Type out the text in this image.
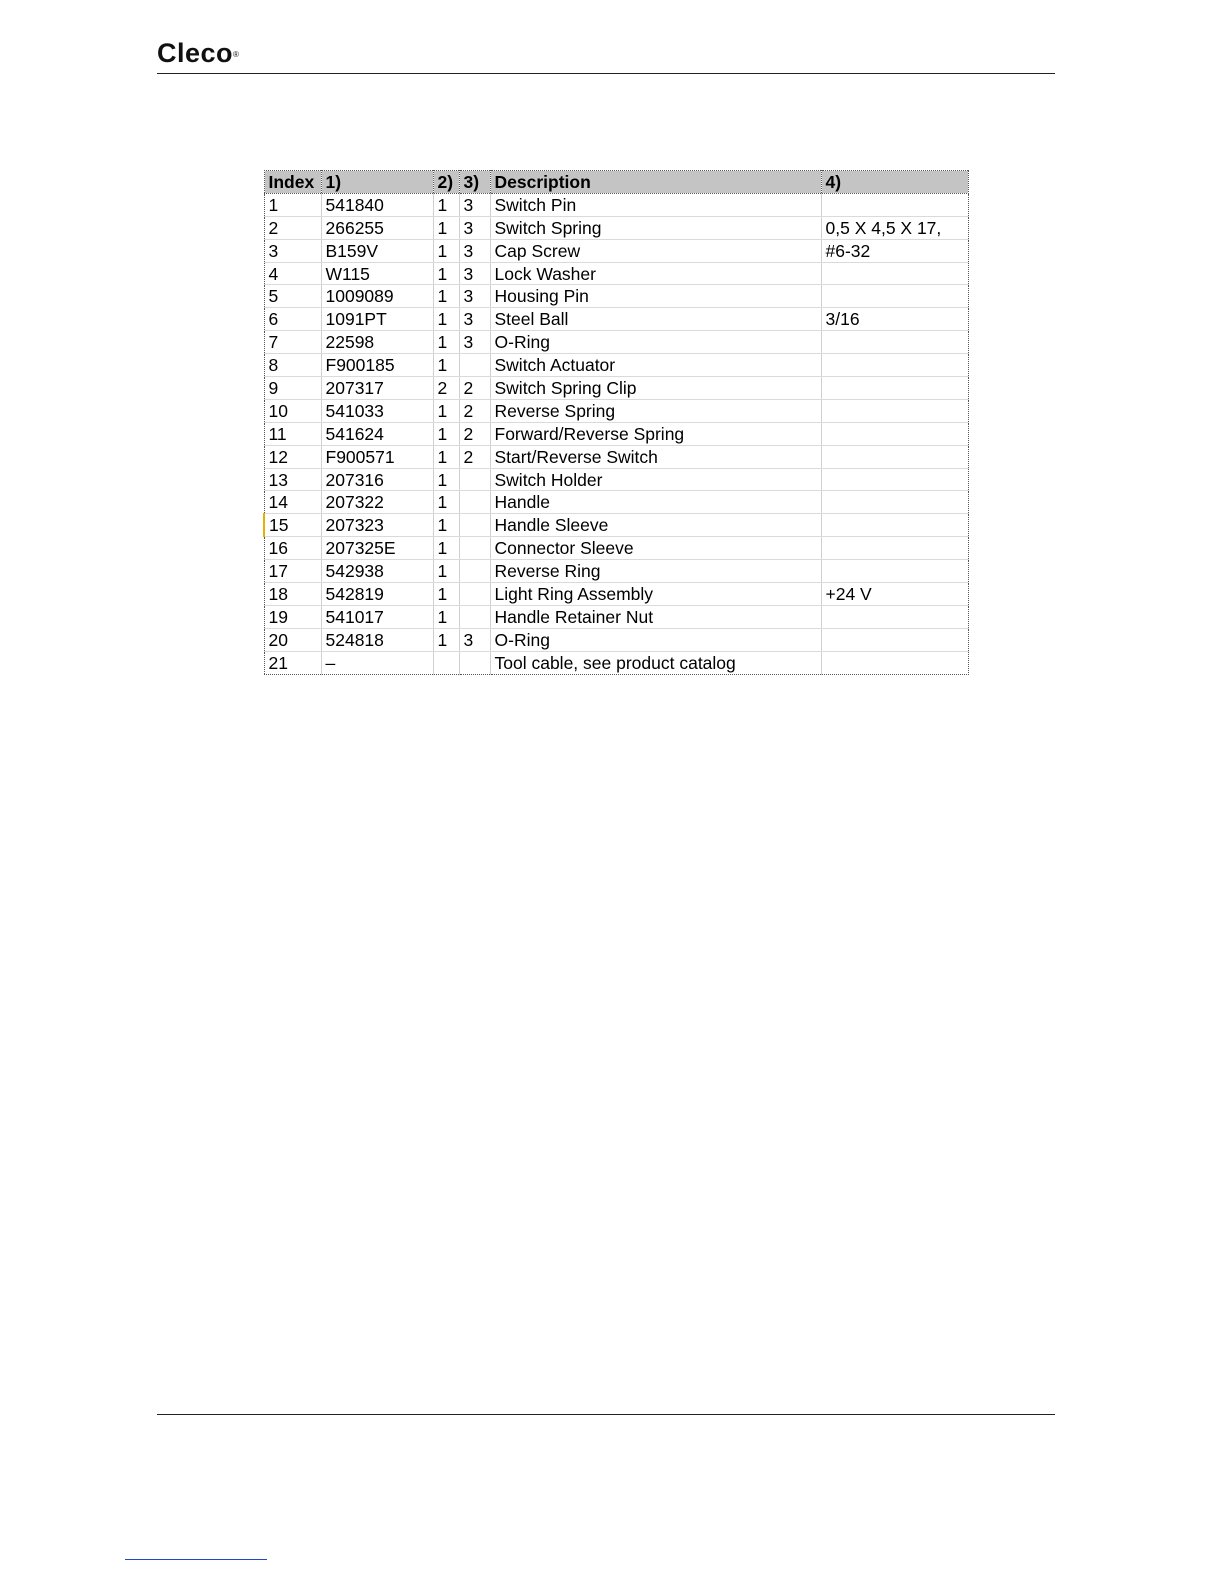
Cleco®
Index	1)	2)	3)	Description	4)
1	541840	1	3	Switch Pin	
2	266255	1	3	Switch Spring	0,5 X 4,5 X 17,
3	B159V	1	3	Cap Screw	#6-32
4	W115	1	3	Lock Washer	
5	1009089	1	3	Housing Pin	
6	1091PT	1	3	Steel Ball	3/16
7	22598	1	3	O-Ring	
8	F900185	1		Switch Actuator	
9	207317	2	2	Switch Spring Clip	
10	541033	1	2	Reverse Spring	
11	541624	1	2	Forward/Reverse Spring	
12	F900571	1	2	Start/Reverse Switch	
13	207316	1		Switch Holder	
14	207322	1		Handle	
15	207323	1		Handle Sleeve	
16	207325E	1		Connector Sleeve	
17	542938	1		Reverse Ring	
18	542819	1		Light Ring Assembly	+24 V
19	541017	1		Handle Retainer Nut	
20	524818	1	3	O-Ring	
21	–			Tool cable, see product catalog	
